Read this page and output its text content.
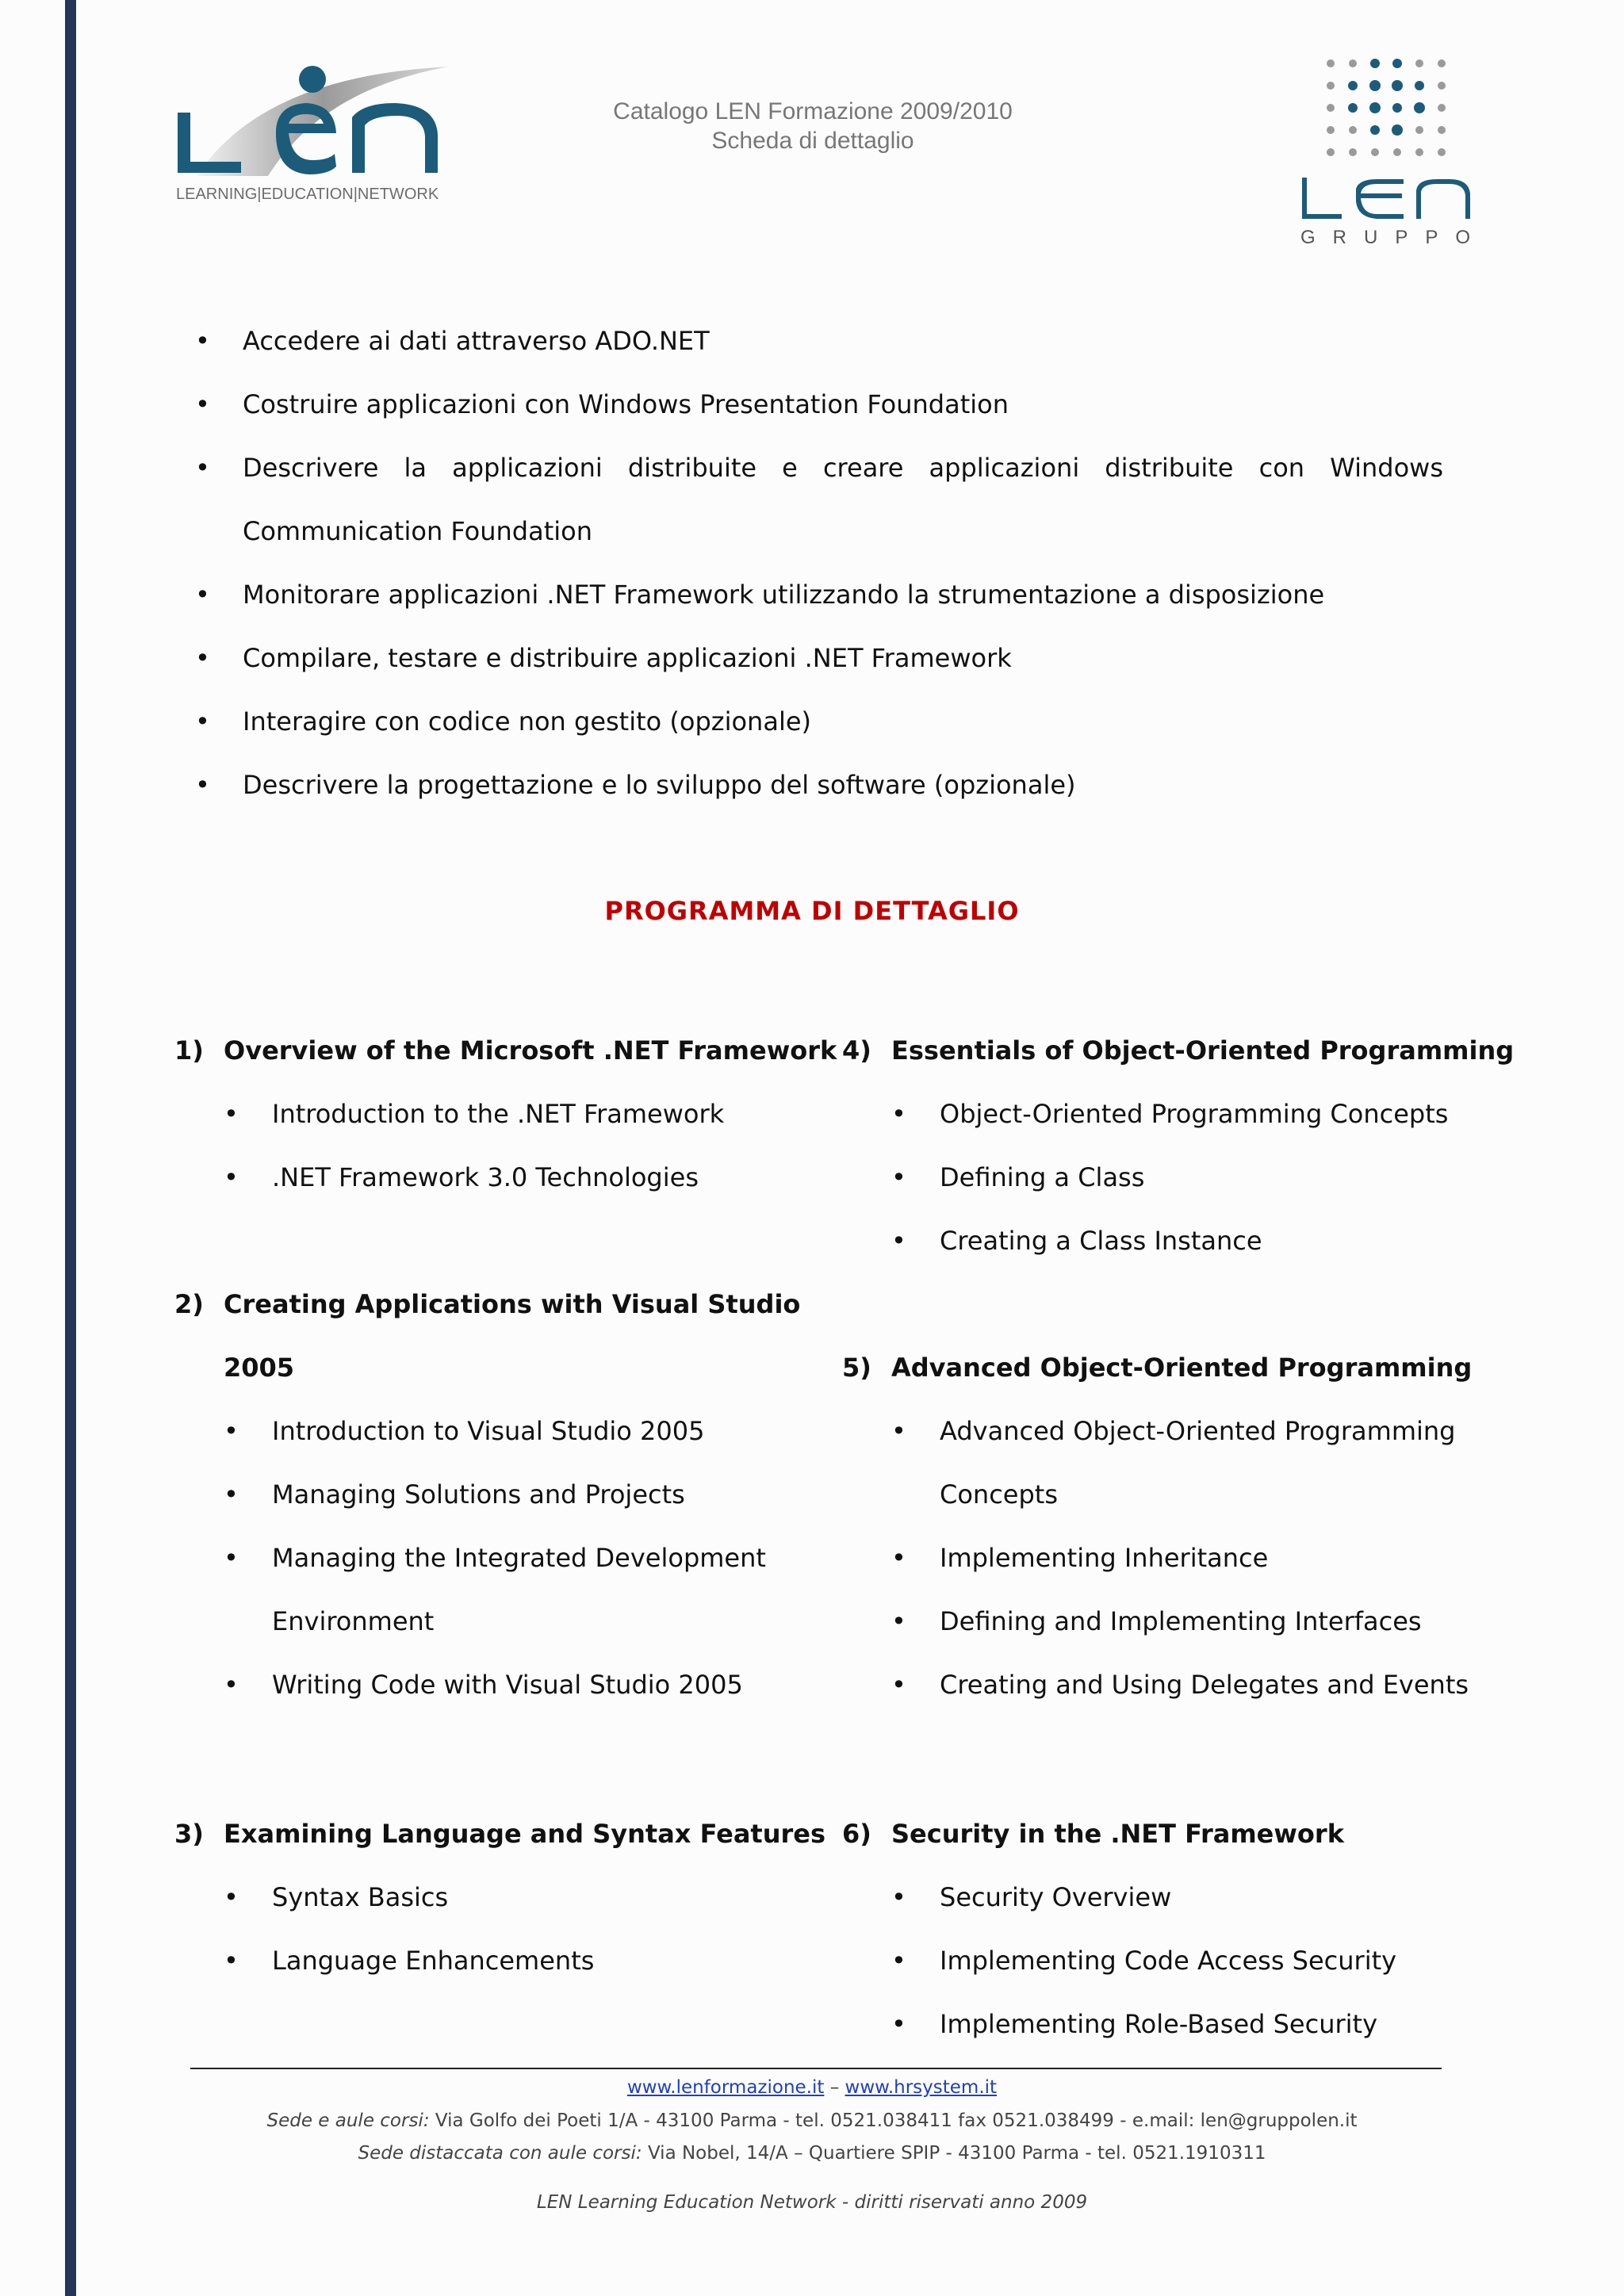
LEARNING|EDUCATION|NETWORK
Catalogo LEN Formazione 2009/2010
Scheda di dettaglio
GRUPPO
• Accedere ai dati attraverso ADO.NET
• Costruire applicazioni con Windows Presentation Foundation
• Descrivere la applicazioni distribuite e creare applicazioni distribuite con Windows Communication Foundation
• Monitorare applicazioni .NET Framework utilizzando la strumentazione a disposizione
• Compilare, testare e distribuire applicazioni .NET Framework
• Interagire con codice non gestito (opzionale)
• Descrivere la progettazione e lo sviluppo del software (opzionale)
PROGRAMMA DI DETTAGLIO
1) Overview of the Microsoft .NET Framework
• Introduction to the .NET Framework
• .NET Framework 3.0 Technologies
2) Creating Applications with Visual Studio 2005
• Introduction to Visual Studio 2005
• Managing Solutions and Projects
• Managing the Integrated Development Environment
• Writing Code with Visual Studio 2005
3) Examining Language and Syntax Features
• Syntax Basics
• Language Enhancements
4) Essentials of Object-Oriented Programming
• Object-Oriented Programming Concepts
• Defining a Class
• Creating a Class Instance
5) Advanced Object-Oriented Programming
• Advanced Object-Oriented Programming Concepts
• Implementing Inheritance
• Defining and Implementing Interfaces
• Creating and Using Delegates and Events
6) Security in the .NET Framework
• Security Overview
• Implementing Code Access Security
• Implementing Role-Based Security
www.lenformazione.it – www.hrsystem.it
Sede e aule corsi: Via Golfo dei Poeti 1/A - 43100 Parma - tel. 0521.038411 fax 0521.038499 - e.mail: len@gruppolen.it
Sede distaccata con aule corsi: Via Nobel, 14/A – Quartiere SPIP - 43100 Parma - tel. 0521.1910311
LEN Learning Education Network - diritti riservati anno 2009
